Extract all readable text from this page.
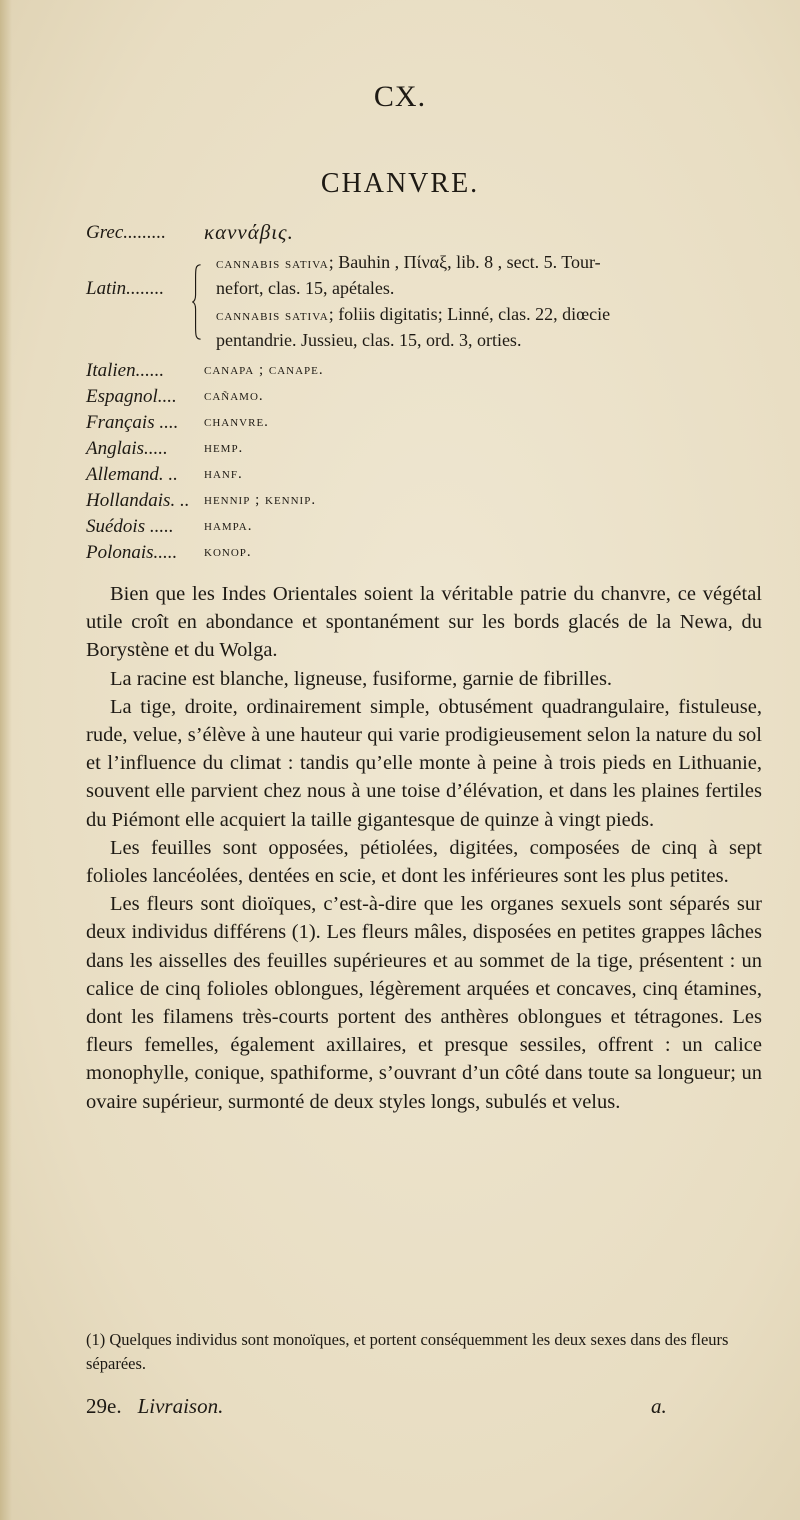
CX.
CHANVRE.
Grec......... καννάβις.
Latin........
cannabis sativa; Bauhin , Πίναξ, lib. 8 , sect. 5. Tour-
nefort, clas. 15, apétales.
cannabis sativa; foliis digitatis; Linné, clas. 22, diœcie
pentandrie. Jussieu, clas. 15, ord. 3, orties.
Italien......	canapa ; canape.
Espagnol.... cañamo.
Français .... chanvre.
Anglais..... hemp.
Allemand. .. hanf.
Hollandais. .. hennip ; kennip.
Suédois ..... hampa.
Polonais..... konop.

Bien que les Indes Orientales soient la véritable patrie du chanvre, ce végétal utile croît en abondance et spontanément sur les bords glacés de la Newa, du Borystène et du Wolga.

La racine est blanche, ligneuse, fusiforme, garnie de fibrilles.

La tige, droite, ordinairement simple, obtusément quadrangulaire, fistuleuse, rude, velue, s’élève à une hauteur qui varie prodigieusement selon la nature du sol et l’influence du climat : tandis qu’elle monte à peine à trois pieds en Lithuanie, souvent elle parvient chez nous à une toise d’élévation, et dans les plaines fertiles du Piémont elle acquiert la taille gigantesque de quinze à vingt pieds.

Les feuilles sont opposées, pétiolées, digitées, composées de cinq à sept folioles lancéolées, dentées en scie, et dont les inférieures sont les plus petites.

Les fleurs sont dioïques, c’est-à-dire que les organes sexuels sont séparés sur deux individus différens (1). Les fleurs mâles, disposées en petites grappes lâches dans les aisselles des feuilles supérieures et au sommet de la tige, présentent : un calice de cinq folioles oblongues, légèrement arquées et concaves, cinq étamines, dont les filamens très-courts portent des anthères oblongues et tétragones. Les fleurs femelles, également axillaires, et presque sessiles, offrent : un calice monophylle, conique, spathiforme, s’ouvrant d’un côté dans toute sa longueur; un ovaire supérieur, surmonté de deux styles longs, subulés et velus.

(1) Quelques individus sont monoïques, et portent conséquemment les deux sexes dans des fleurs séparées.
29e. Livraison.	a.
